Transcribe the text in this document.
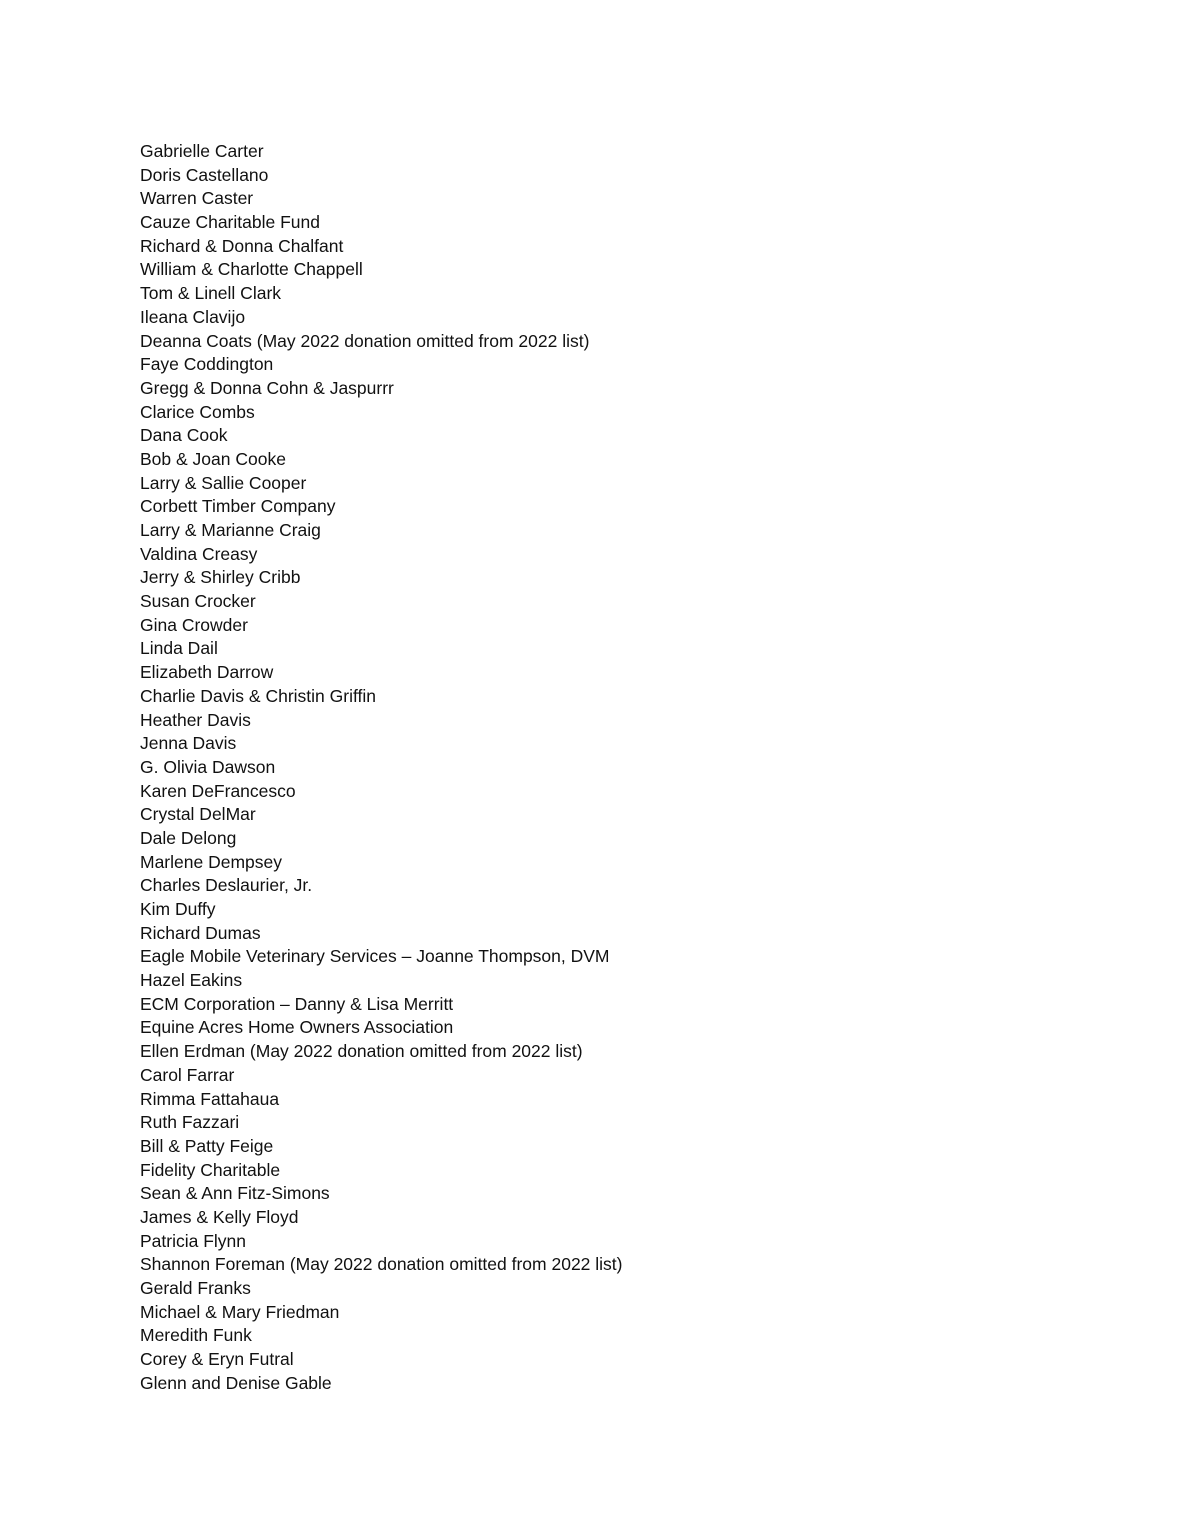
Gabrielle Carter
Doris Castellano
Warren Caster
Cauze Charitable Fund
Richard & Donna Chalfant
William & Charlotte Chappell
Tom & Linell Clark
Ileana Clavijo
Deanna Coats (May 2022 donation omitted from 2022 list)
Faye Coddington
Gregg & Donna Cohn & Jaspurrr
Clarice Combs
Dana Cook
Bob & Joan Cooke
Larry & Sallie Cooper
Corbett Timber Company
Larry & Marianne Craig
Valdina Creasy
Jerry & Shirley Cribb
Susan Crocker
Gina Crowder
Linda Dail
Elizabeth Darrow
Charlie Davis & Christin Griffin
Heather Davis
Jenna Davis
G. Olivia Dawson
Karen DeFrancesco
Crystal DelMar
Dale Delong
Marlene Dempsey
Charles Deslaurier, Jr.
Kim Duffy
Richard Dumas
Eagle Mobile Veterinary Services – Joanne Thompson, DVM
Hazel Eakins
ECM Corporation – Danny & Lisa Merritt
Equine Acres Home Owners Association
Ellen Erdman (May 2022 donation omitted from 2022 list)
Carol Farrar
Rimma Fattahaua
Ruth Fazzari
Bill & Patty Feige
Fidelity Charitable
Sean & Ann Fitz-Simons
James & Kelly Floyd
Patricia Flynn
Shannon Foreman (May 2022 donation omitted from 2022 list)
Gerald Franks
Michael & Mary Friedman
Meredith Funk
Corey & Eryn Futral
Glenn and Denise Gable
